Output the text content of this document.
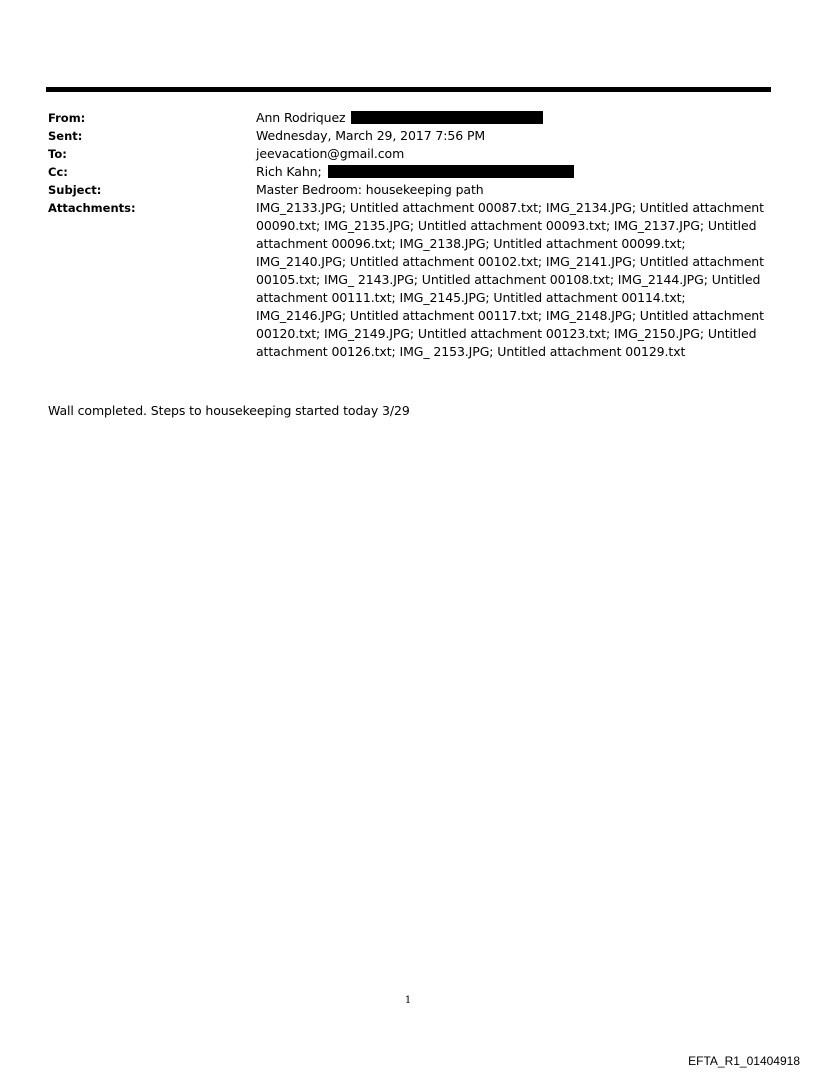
From:	Ann Rodriquez
Sent:	Wednesday, March 29, 2017 7:56 PM
To:	jeevacation@gmail.com
Cc:	Rich Kahn;
Subject:	Master Bedroom: housekeeping path
Attachments:	IMG_2133.JPG; Untitled attachment 00087.txt; IMG_2134.JPG; Untitled attachment 00090.txt; IMG_2135.JPG; Untitled attachment 00093.txt; IMG_2137.JPG; Untitled attachment 00096.txt; IMG_2138.JPG; Untitled attachment 00099.txt; IMG_2140.JPG; Untitled attachment 00102.txt; IMG_2141.JPG; Untitled attachment 00105.txt; IMG_ 2143.JPG; Untitled attachment 00108.txt; IMG_2144.JPG; Untitled attachment 00111.txt; IMG_2145.JPG; Untitled attachment 00114.txt; IMG_2146.JPG; Untitled attachment 00117.txt; IMG_2148.JPG; Untitled attachment 00120.txt; IMG_2149.JPG; Untitled attachment 00123.txt; IMG_2150.JPG; Untitled attachment 00126.txt; IMG_ 2153.JPG; Untitled attachment 00129.txt
Wall completed. Steps to housekeeping started today 3/29
1
EFTA_R1_01404918
